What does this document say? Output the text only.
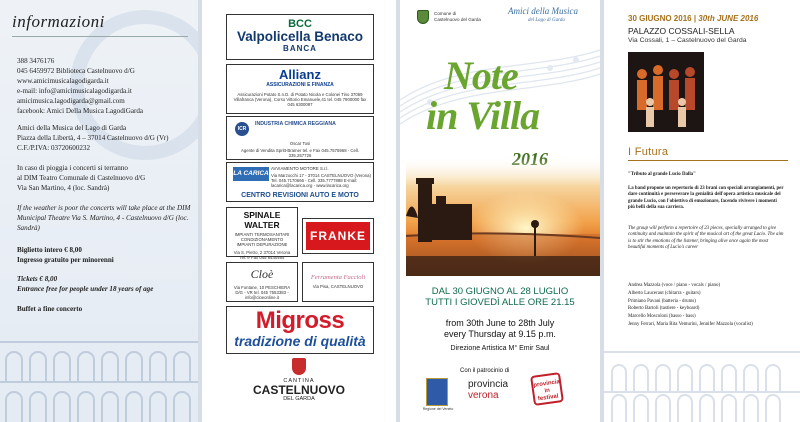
informazioni

388 3476176
045 6459972 Biblioteca Castelnuovo d/G
www.amicimusicalagodigarda.it
e-mail: info@amicimusicalagodigarda.it
amicimusica.lagodigarda@gmail.com
facebook: Amici Della Musica LagodiGarda

Amici della Musica del Lago di Garda
Piazza della Libertà, 4 – 37014 Castelnuovo d/G (Vr)
C.F./P.IVA: 03720600232

In caso di pioggia i concerti si terranno
al DIM Teatro Comunale di Castelnuovo d/G
Via San Martino, 4 (loc. Sandrà)

If the weather is poor the concerts will take place at the DIM Municipal Theatre Via S. Martino, 4 - Castelnuovo d/G (loc. Sandrà)

Biglietto intero € 8,00
Ingresso gratuito per minorenni

Tickets € 8,00
Entrance free for people under 18 years of age

Buffet a fine concerto

BCC
Valpolicella Benaco
BANCA
Allianz
ASSICURAZIONI E FINANZA
Assicurazioni Potato S.n.D. di Potato Nicola e Colonei Tino 37069 Villafranca (Verona), Corso Vittorio Emanuele,41 tel. 045 7900000 fax 045 6300097
ICR
INDUSTRIA CHIMICA REGGIANA
Oscar Tosi
Agente di Vendita Spritt-Bramer tel. e Fax 045.7575968 - Cell. 335.257726
LA CARICA
AVVIAMENTO MOTORE S.r.l.
Via Marzocchi 17 - 37014 CASTELNUOVO (Verona) Tel. 045.7170666 - Cell. 335.7777888 E-mail: lacarica@lacarica.org - www.lacarica.org
CENTRO REVISIONI AUTO E MOTO
SPINALE WALTER
IMPIANTI TERMOSANITARI CONDIZIONAMENTO IMPIANTI DEPURAZIONE
Via S. Pietro, 2 37014 Verona Tel. e Fax 045 6440464
FRANKE
Cloè
Via Fontane, 10 PESCHIERA D/G - VR tel. 045 7553383 - info@cloeonline.it
Ferramenta Faccioli
Via Pisa, CASTELNUOVO
Migross
tradizione di qualità
CANTINA
CASTELNUOVO
DEL GARDA
Comune di
Castelnuovo del Garda
Amici della Musica
del Lago di Garda
Note
in Villa
DAL 30 GIUGNO AL 28 LUGLIO
TUTTI I GIOVEDÌ ALLE ORE 21.15
from 30th June to 28th July
every Thursday at 9.15 p.m.
Direzione Artistica M° Emir Saul
Con il patrocinio di
Regione del Veneto
provincia
verona
provincia in festival
30 GIUGNO 2016 | 30th JUNE 2016
PALAZZO COSSALI-SELLA
Via Cossali, 1 – Castelnuovo del Garda
I Futura
"Tributo al grande Lucio Dalla"
La band propone un repertorio di 23 brani con speciali arrangiamenti, per dare continuità e perseverare la genialità dell'opera artistica musicale del grande Lucio, con l'obiettivo di emozionare, facendo rivivere i momenti più belli della sua carriera.
The group will perform a repertoire of 23 pieces, specially arranged to give continuity and maintain the spirit of the musical art of the great Lucio. The aim is to stir the emotions of the listener, bringing alive once again the most beautiful moments of Lucio's career
Andrea Mazzola (voce / piano - vocals / piano)
Alberto Lauceraut (chitarra - guitars)
Primiano Pavani (batteria - drums)
Roberto Bartoli (tastiere - keyboard)
Marcello Moscoloni (basso - bass)
Jenny Ferrari, Maria Rita Venturini, Jennifer Mazzola (vocalist)
